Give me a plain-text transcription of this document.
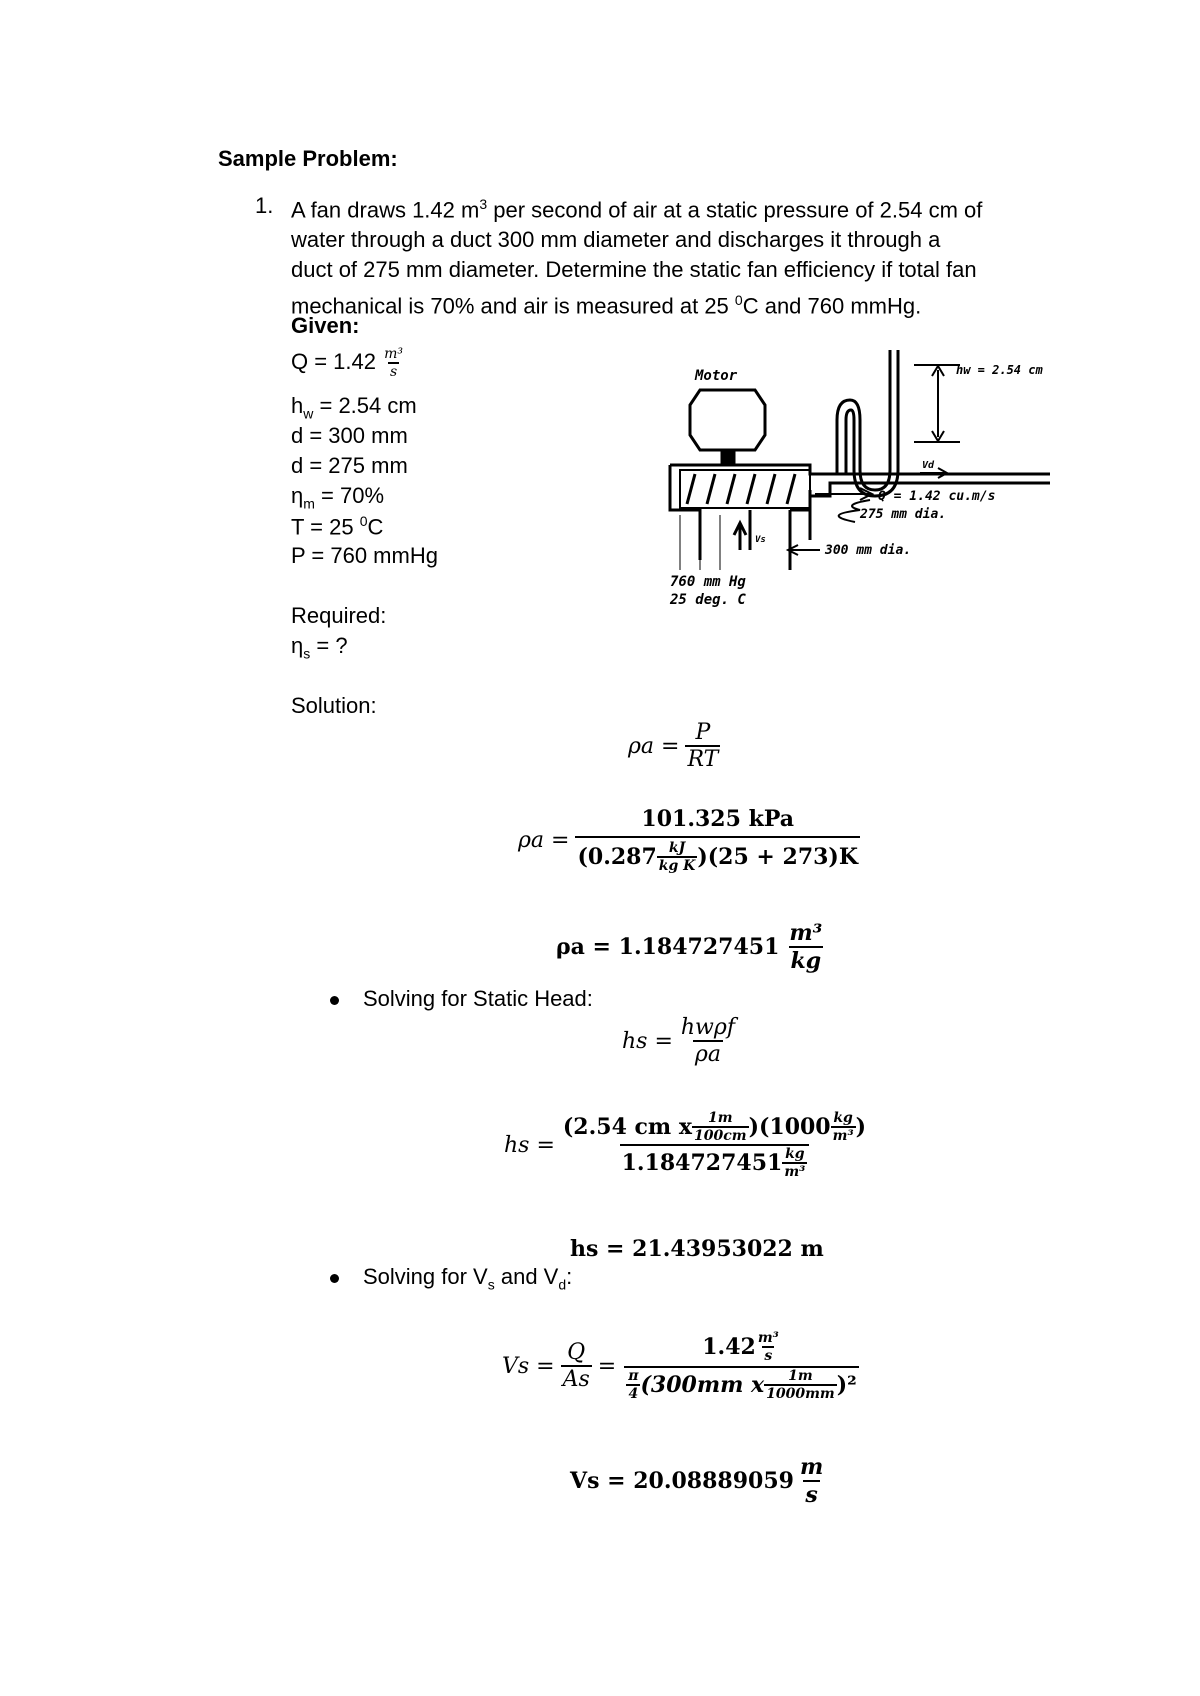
Sample Problem:
1. A fan draws 1.42 $m^3$ per second of air at a static pressure of 2.54 cm of
water through a duct 300 mm diameter and discharges it through a
duct of 275 mm diameter. Determine the static fan efficiency if total fan
mechanical is 70% and air is measured at 25 $^0$C and 760 mmHg.
Given:
$Q = 1.42 \frac{\text{m³}}{s}$
$h_w = 2.54$ cm
d = 300 mm
d = 275 mm
$\eta_m = 70\%$
T = 25 $^0$C
P = 760 mmHg
Required:
$\eta_s$ = ?
Solution:
Motor	hw = 2.54 cm
Vd
Q = 1.42 cu.m/s
275 mm dia.
300 mm dia.
Vs
760 mm Hg
25 deg. C
$\rho a = \frac{P}{RT}$
$\rho a = \frac{\text{101.325 kPa}}{(0.287 \frac{kJ}{\text{kg K}} )(25 + 273)K}$
$\rho a = 1.184727451 \frac{\text{m³}}{kg}$
Solving for Static Head:
hs = $\frac{\text{hwρf}}{\rho a}$
hs = $\frac{(2.54 cm x \frac{1m}{100cm} )(1000 \frac{kg}{\text{m³}} )}{1.184727451 \frac{kg}{\text{m³}}}$
hs = 21.43953022 m
Solving for $V_s$ and $V_d$:
$Vs = \frac{Q}{As} = \frac{1.42 \frac{\text{m³}}{s}}{\frac{\pi}{4} (300mm x \frac{1m}{1000mm} )^2}$
$Vs = 20.08889059 \frac{m}{s}$
